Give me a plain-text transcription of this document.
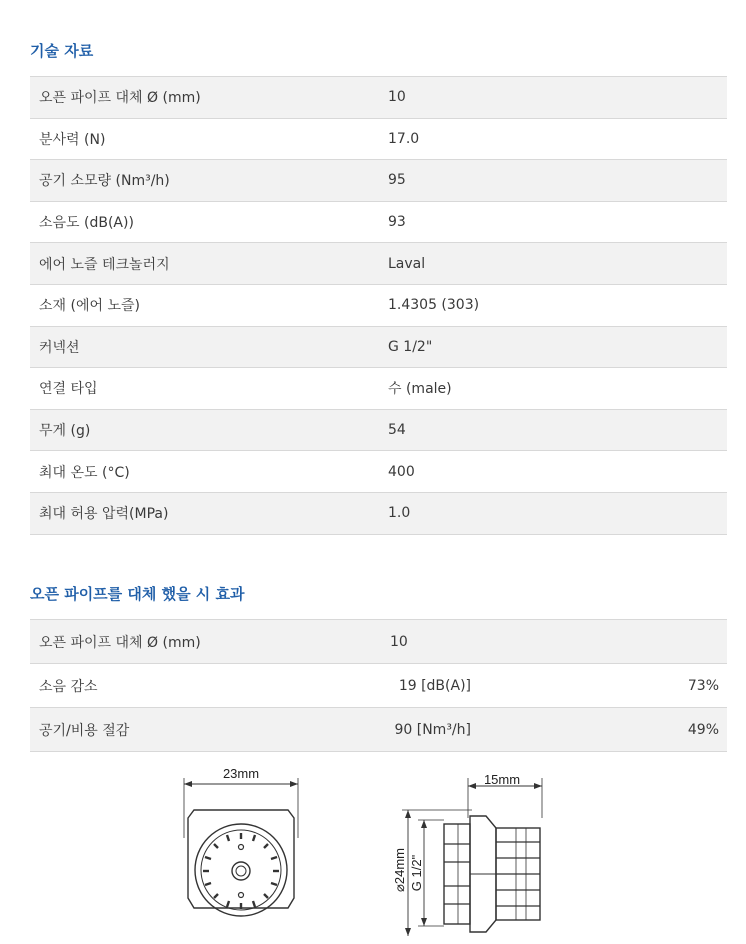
기술 자료
오픈 파이프 대체 Ø (mm)	10
분사력 (N)	17.0
공기 소모량 (Nm³/h)	95
소음도 (dB(A))	93
에어 노즐 테크놀러지	Laval
소재 (에어 노즐)	1.4305 (303)
커넥션	G 1/2"
연결 타입	수 (male)
무게 (g)	54
최대 온도 (°C)	400
최대 허용 압력(MPa)	1.0
오픈 파이프를 대체 했을 시 효과
오픈 파이프 대체 Ø (mm)	10	
소음 감소	19 [dB(A)]	73%
공기/비용 절감	90 [Nm³/h]	49%
23mm	15mm
⌀24mm G 1/2"
